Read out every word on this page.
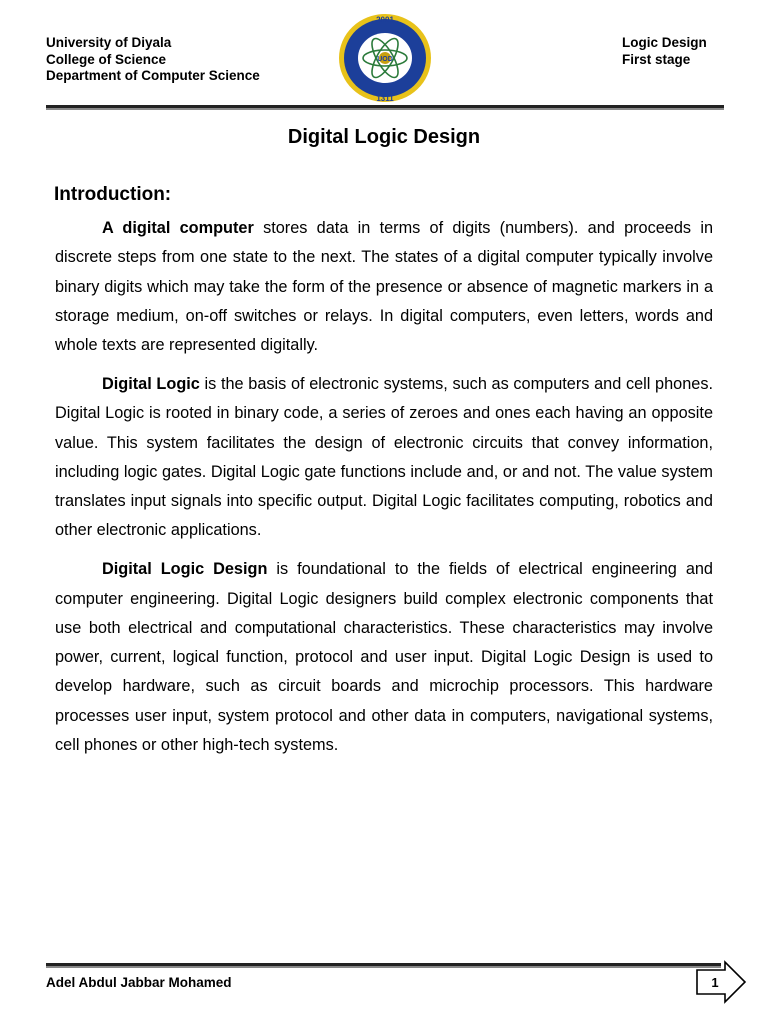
University of Diyala
College of Science
Department of Computer Science
2001
1311
UOD
Logic Design
First stage
Digital Logic Design
Introduction:

A digital computer stores data in terms of digits (numbers). and proceeds in discrete steps from one state to the next. The states of a digital computer typically involve binary digits which may take the form of the presence or absence of magnetic markers in a storage medium, on-off switches or relays. In digital computers, even letters, words and whole texts are represented digitally.

Digital Logic is the basis of electronic systems, such as computers and cell phones. Digital Logic is rooted in binary code, a series of zeroes and ones each having an opposite value. This system facilitates the design of electronic circuits that convey information, including logic gates. Digital Logic gate functions include and, or and not. The value system translates input signals into specific output. Digital Logic facilitates computing, robotics and other electronic applications.

Digital Logic Design is foundational to the fields of electrical engineering and computer engineering. Digital Logic designers build complex electronic components that use both electrical and computational characteristics. These characteristics may involve power, current, logical function, protocol and user input. Digital Logic Design is used to develop hardware, such as circuit boards and microchip processors. This hardware processes user input, system protocol and other data in computers, navigational systems, cell phones or other high-tech systems.

Adel Abdul Jabbar Mohamed	1
